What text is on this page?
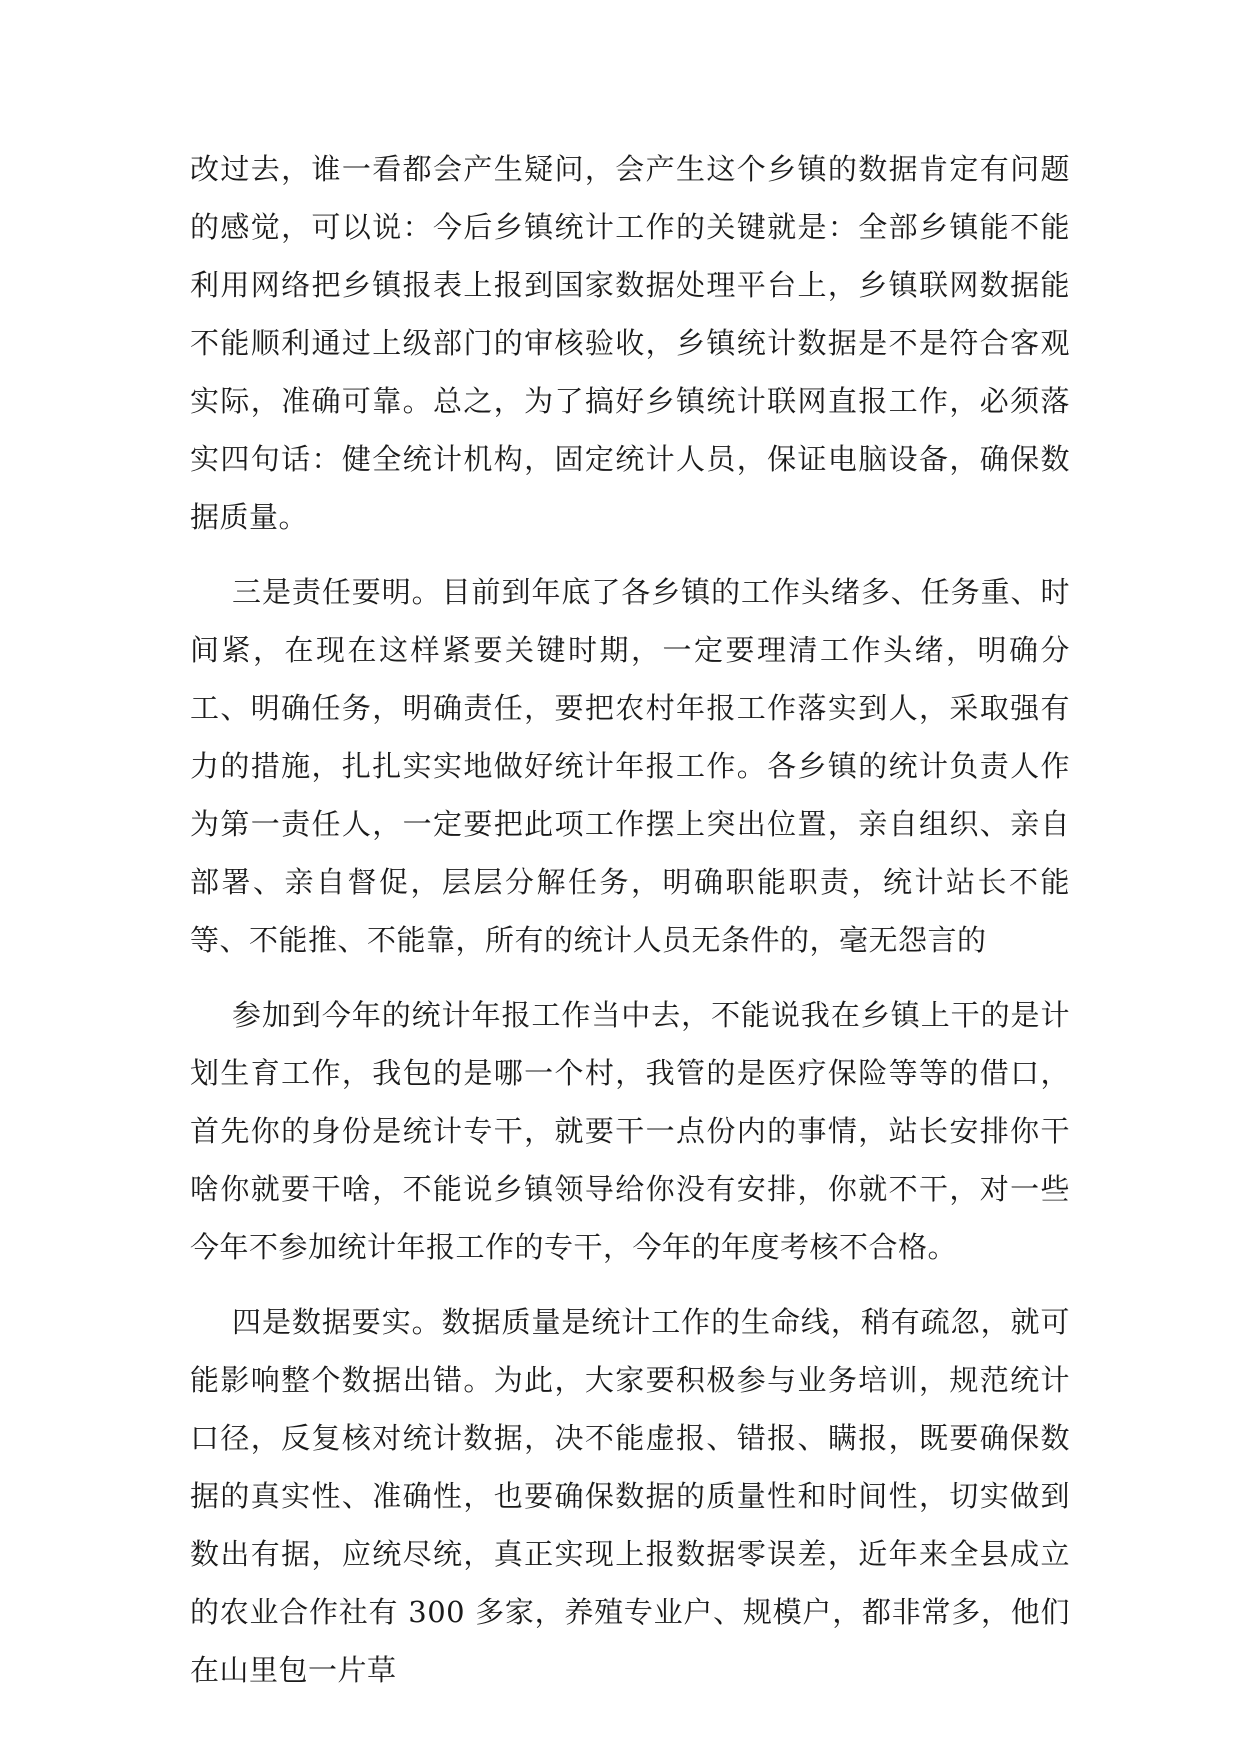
改过去，谁一看都会产生疑问，会产生这个乡镇的数据肯定有问题的感觉，可以说：今后乡镇统计工作的关键就是：全部乡镇能不能利用网络把乡镇报表上报到国家数据处理平台上，乡镇联网数据能不能顺利通过上级部门的审核验收，乡镇统计数据是不是符合客观实际，准确可靠。总之，为了搞好乡镇统计联网直报工作，必须落实四句话：健全统计机构，固定统计人员，保证电脑设备，确保数据质量。

三是责任要明。目前到年底了各乡镇的工作头绪多、任务重、时间紧，在现在这样紧要关键时期，一定要理清工作头绪，明确分工、明确任务，明确责任，要把农村年报工作落实到人，采取强有力的措施，扎扎实实地做好统计年报工作。各乡镇的统计负责人作为第一责任人，一定要把此项工作摆上突出位置，亲自组织、亲自部署、亲自督促，层层分解任务，明确职能职责，统计站长不能等、不能推、不能靠，所有的统计人员无条件的，毫无怨言的

参加到今年的统计年报工作当中去，不能说我在乡镇上干的是计划生育工作，我包的是哪一个村，我管的是医疗保险等等的借口，首先你的身份是统计专干，就要干一点份内的事情，站长安排你干啥你就要干啥，不能说乡镇领导给你没有安排，你就不干，对一些今年不参加统计年报工作的专干，今年的年度考核不合格。

四是数据要实。数据质量是统计工作的生命线，稍有疏忽，就可能影响整个数据出错。为此，大家要积极参与业务培训，规范统计口径，反复核对统计数据，决不能虚报、错报、瞒报，既要确保数据的真实性、准确性，也要确保数据的质量性和时间性，切实做到数出有据，应统尽统，真正实现上报数据零误差，近年来全县成立的农业合作社有 300 多家，养殖专业户、规模户，都非常多，他们在山里包一片草
